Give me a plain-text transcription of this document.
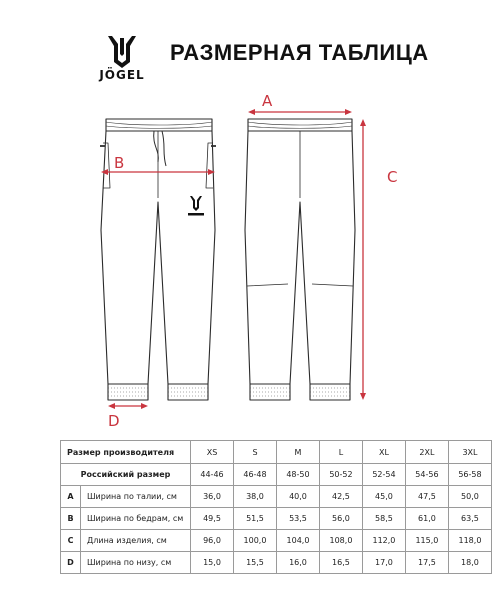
JÖGEL
РАЗМЕРНАЯ ТАБЛИЦА
A
B
C
D
Размер производителя		XS	S	M	L	XL	2XL	3XL
Российский размер		44-46	46-48	48-50	50-52	52-54	54-56	56-58
A	Ширина по талии, см	36,0	38,0	40,0	42,5	45,0	47,5	50,0
B	Ширина по бедрам, см	49,5	51,5	53,5	56,0	58,5	61,0	63,5
C	Длина изделия, см	96,0	100,0	104,0	108,0	112,0	115,0	118,0
D	Ширина по низу, см	15,0	15,5	16,0	16,5	17,0	17,5	18,0
